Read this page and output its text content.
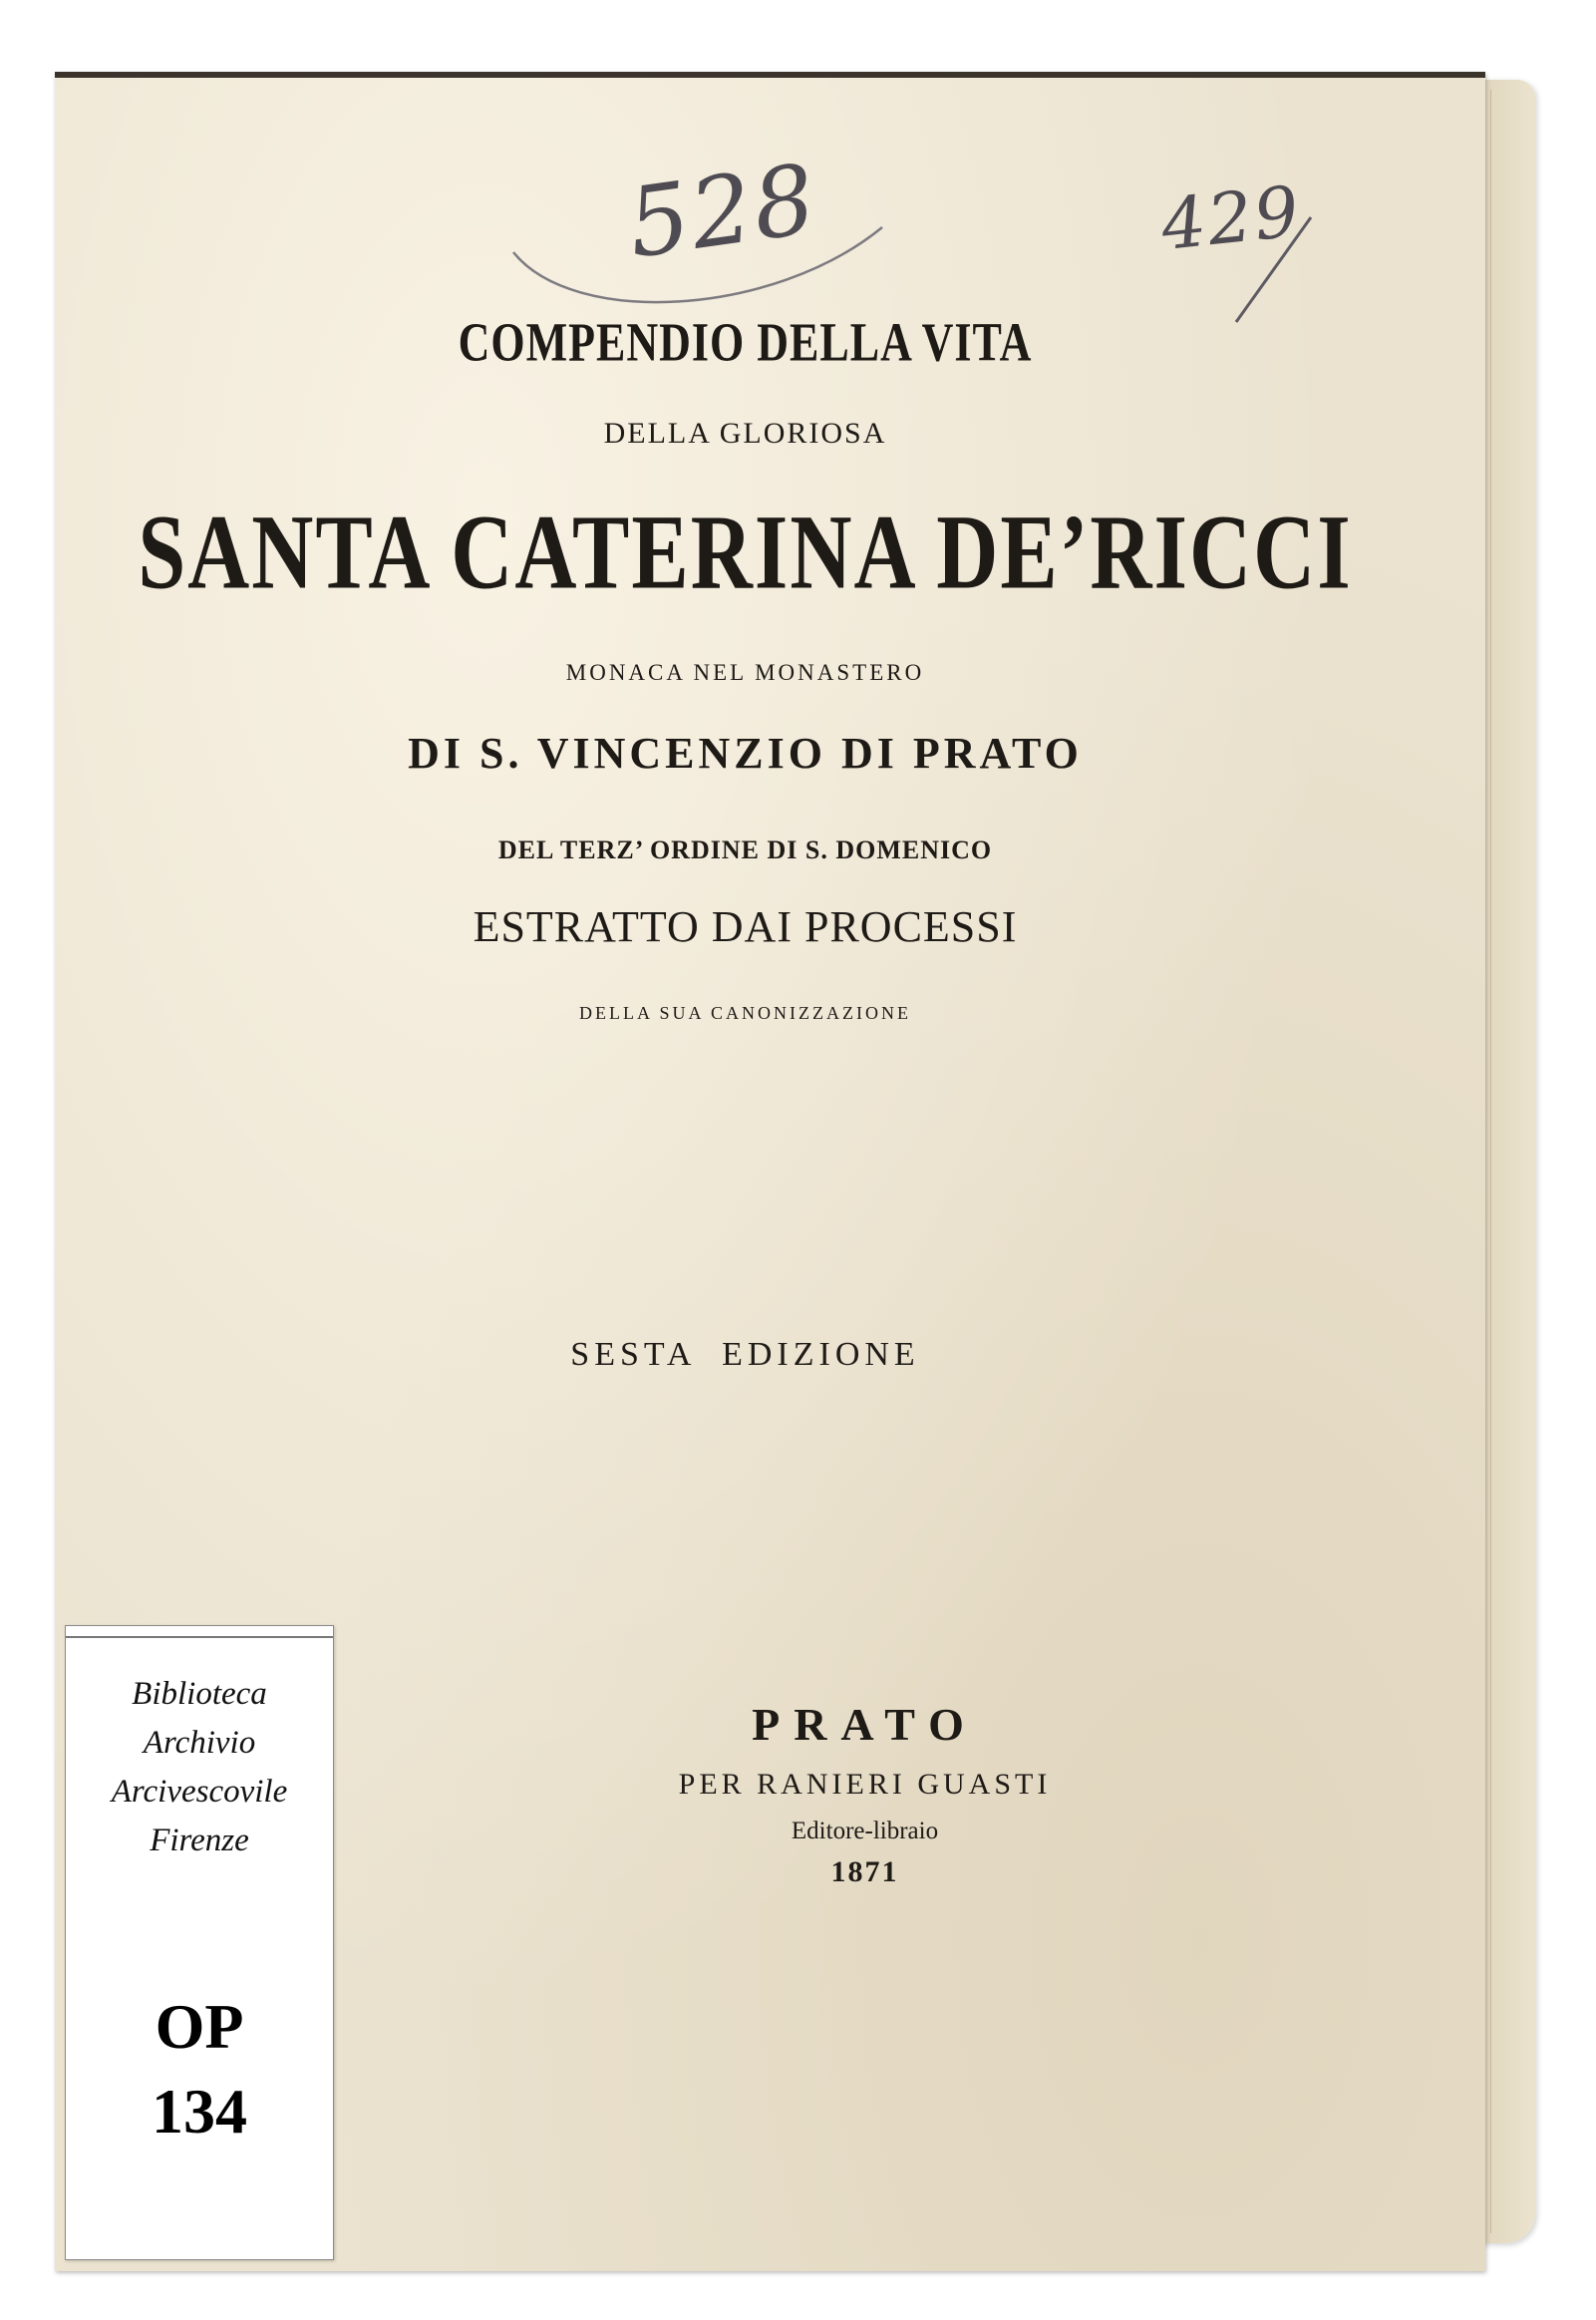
528	429
COMPENDIO DELLA VITA
DELLA GLORIOSA
SANTA CATERINA DE’RICCI
MONACA NEL MONASTERO
DI S. VINCENZIO DI PRATO
DEL TERZ’ ORDINE DI S. DOMENICO
ESTRATTO DAI PROCESSI
DELLA SUA CANONIZZAZIONE
SESTA EDIZIONE
PRATO
PER RANIERI GUASTI
Editore-libraio
1871
Biblioteca
Archivio
Arcivescovile
Firenze
OP
134
